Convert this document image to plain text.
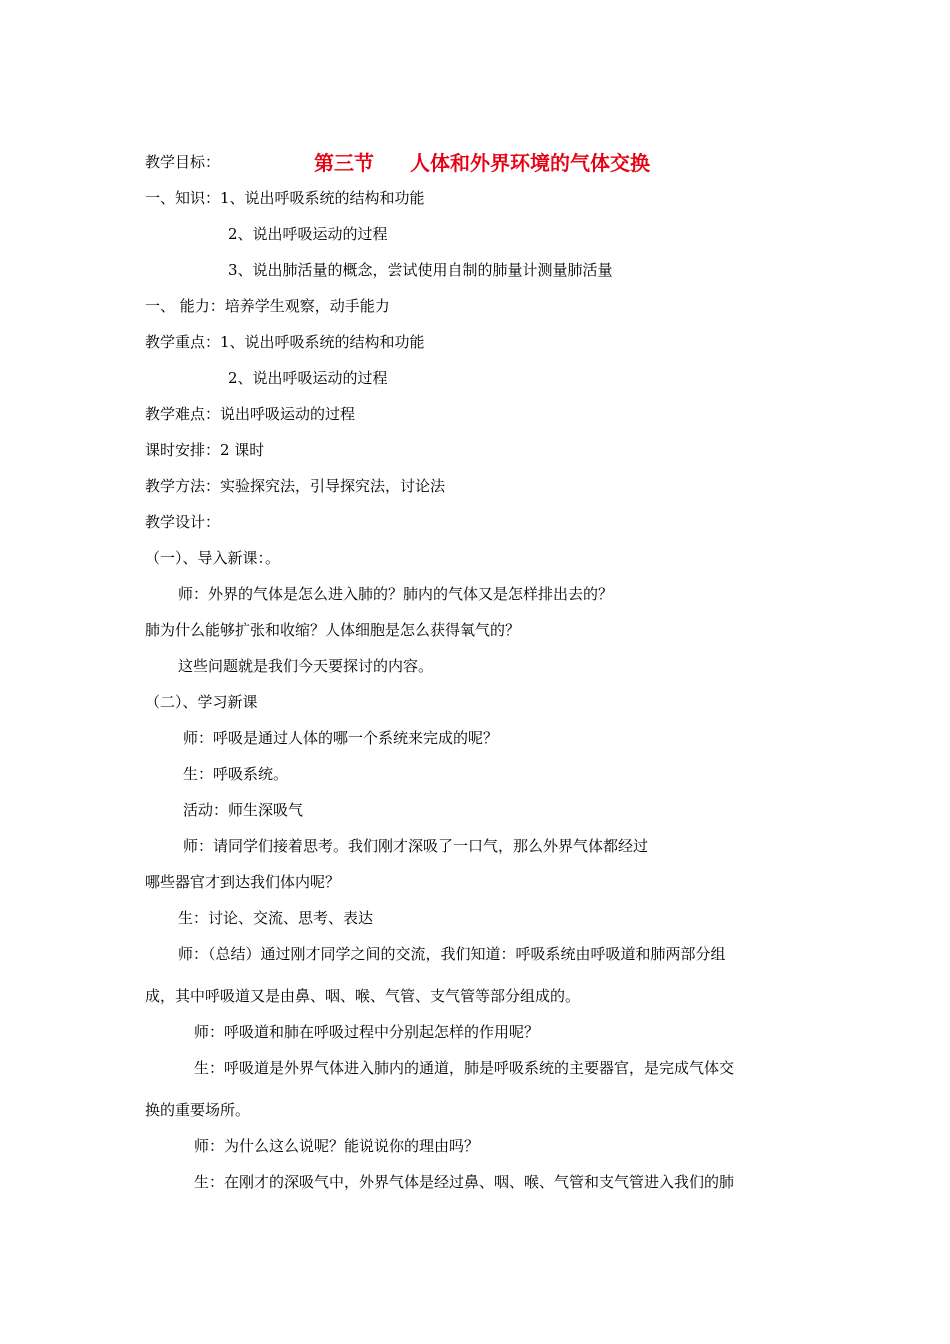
第三节 人体和外界环境的气体交换

教学目标：
一、知识：1、说出呼吸系统的结构和功能
2、说出呼吸运动的过程
3、说出肺活量的概念，尝试使用自制的肺量计测量肺活量
一、 能力：培养学生观察，动手能力
教学重点：1、说出呼吸系统的结构和功能
2、说出呼吸运动的过程
教学难点：说出呼吸运动的过程
课时安排：2 课时
教学方法：实验探究法，引导探究法，讨论法
教学设计：
（一）、导入新课：。
师：外界的气体是怎么进入肺的？肺内的气体又是怎样排出去的？
肺为什么能够扩张和收缩？人体细胞是怎么获得氧气的？
这些问题就是我们今天要探讨的内容。
（二）、学习新课
师：呼吸是通过人体的哪一个系统来完成的呢？
生：呼吸系统。
活动：师生深吸气
师：请同学们接着思考。我们刚才深吸了一口气，那么外界气体都经过
哪些器官才到达我们体内呢？
生：讨论、交流、思考、表达
师：（总结）通过刚才同学之间的交流，我们知道：呼吸系统由呼吸道和肺两部分组
成，其中呼吸道又是由鼻、咽、喉、气管、支气管等部分组成的。
师：呼吸道和肺在呼吸过程中分别起怎样的作用呢？
生：呼吸道是外界气体进入肺内的通道，肺是呼吸系统的主要器官，是完成气体交
换的重要场所。
师：为什么这么说呢？能说说你的理由吗？
生：在刚才的深吸气中，外界气体是经过鼻、咽、喉、气管和支气管进入我们的肺
